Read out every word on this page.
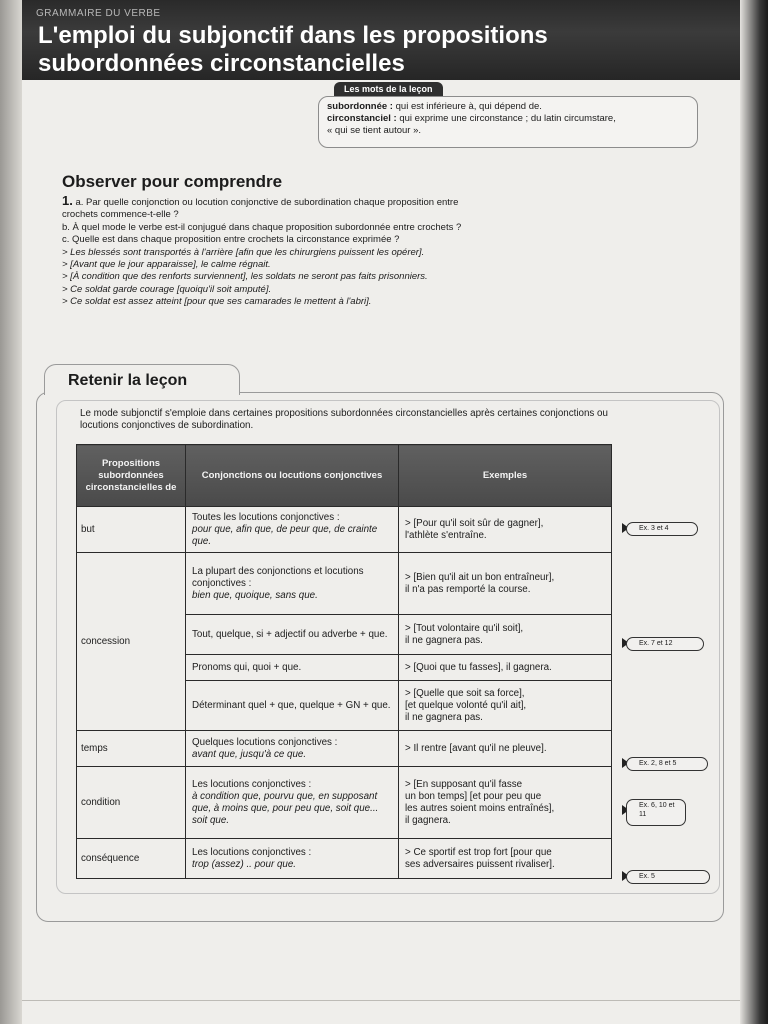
GRAMMAIRE DU VERBE
L'emploi du subjonctif dans les propositions
subordonnées circonstancielles
Les mots de la leçon

subordonnée : qui est inférieure à, qui dépend de.

circonstanciel : qui exprime une circonstance ; du latin circumstare,

« qui se tient autour ».

Observer pour comprendre

1. a. Par quelle conjonction ou locution conjonctive de subordination chaque proposition entre

crochets commence-t-elle ?

b. À quel mode le verbe est-il conjugué dans chaque proposition subordonnée entre crochets ?

c. Quelle est dans chaque proposition entre crochets la circonstance exprimée ?

> Les blessés sont transportés à l'arrière [afin que les chirurgiens puissent les opérer].

> [Avant que le jour apparaisse], le calme régnait.

> [À condition que des renforts surviennent], les soldats ne seront pas faits prisonniers.

> Ce soldat garde courage [quoiqu'il soit amputé].

> Ce soldat est assez atteint [pour que ses camarades le mettent à l'abri].

Retenir la leçon
Le mode subjonctif s'emploie dans certaines propositions subordonnées circonstancielles après certaines conjonctions ou locutions conjonctives de subordination.
Propositions subordonnées circonstancielles de	Conjonctions ou locutions conjonctives	Exemples
but	Toutes les locutions conjonctives :
pour que, afin que, de peur que, de crainte que.	> [Pour qu'il soit sûr de gagner],
l'athlète s'entraîne.
concession	La plupart des conjonctions et locutions conjonctives :
bien que, quoique, sans que.	> [Bien qu'il ait un bon entraîneur],
il n'a pas remporté la course.
	Tout, quelque, si + adjectif ou adverbe + que.	> [Tout volontaire qu'il soit],
il ne gagnera pas.
	Pronoms qui, quoi + que.	> [Quoi que tu fasses], il gagnera.
	Déterminant quel + que, quelque + GN + que.	> [Quelle que soit sa force],
[et quelque volonté qu'il ait],
il ne gagnera pas.
temps	Quelques locutions conjonctives :
avant que, jusqu'à ce que.	> Il rentre [avant qu'il ne pleuve].
condition	Les locutions conjonctives :
à condition que, pourvu que, en supposant que, à moins que, pour peu que, soit que... soit que.	> [En supposant qu'il fasse
un bon temps] [et pour peu que
les autres soient moins entraînés],
il gagnera.
conséquence	Les locutions conjonctives :
trop (assez) .. pour que.	> Ce sportif est trop fort [pour que
ses adversaires puissent rivaliser].
Ex. 3 et 4
Ex. 7 et 12
Ex. 2, 8 et 5
Ex. 6, 10 et 11
Ex. 5
